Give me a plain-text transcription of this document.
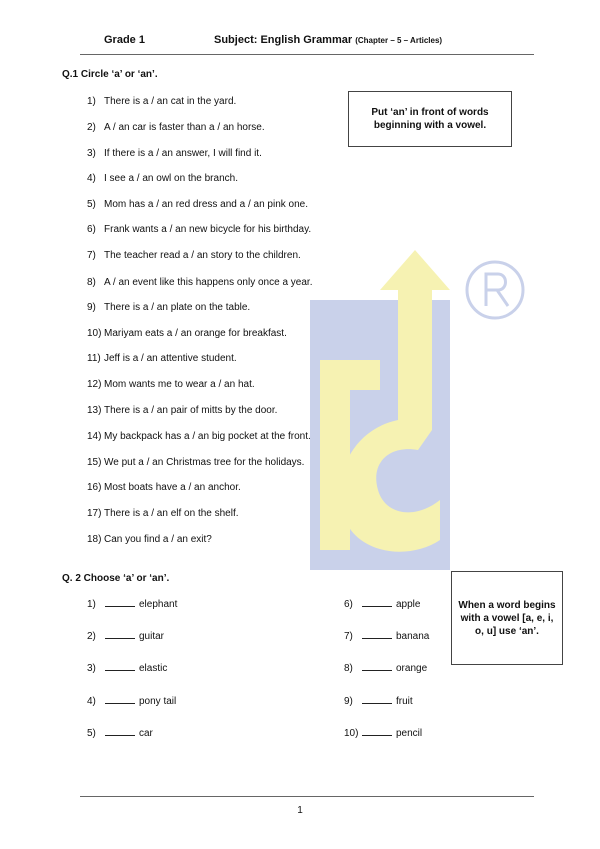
Grade 1	Subject: English Grammar (Chapter – 5 – Articles)
Q.1 Circle ‘a’ or ‘an’.
1) There is a / an cat in the yard.
2) A / an car is faster than a / an horse.
3) If there is a / an answer, I will find it.
4) I see a / an owl on the branch.
5) Mom has a / an red dress and a / an pink one.
6) Frank wants a / an new bicycle for his birthday.
7) The teacher read a / an story to the children.
8) A / an event like this happens only once a year.
9) There is a / an plate on the table.
10) Mariyam eats a / an orange for breakfast.
11) Jeff is a / an attentive student.
12) Mom wants me to wear a / an hat.
13) There is a / an pair of mitts by the door.
14) My backpack has a / an big pocket at the front.
15) We put a / an Christmas tree for the holidays.
16) Most boats have a / an anchor.
17) There is a / an elf on the shelf.
18) Can you find a / an exit?
Put ‘an’ in front of words beginning with a vowel.
Q. 2 Choose ‘a’ or ‘an’.
1)	elephant
2)	guitar
3)	elastic
4)	pony tail
5)	car
6)	apple
7)	banana
8)	orange
9)	fruit
10)	pencil
When a word begins with a vowel [a, e, i, o, u] use ‘an’.
1
